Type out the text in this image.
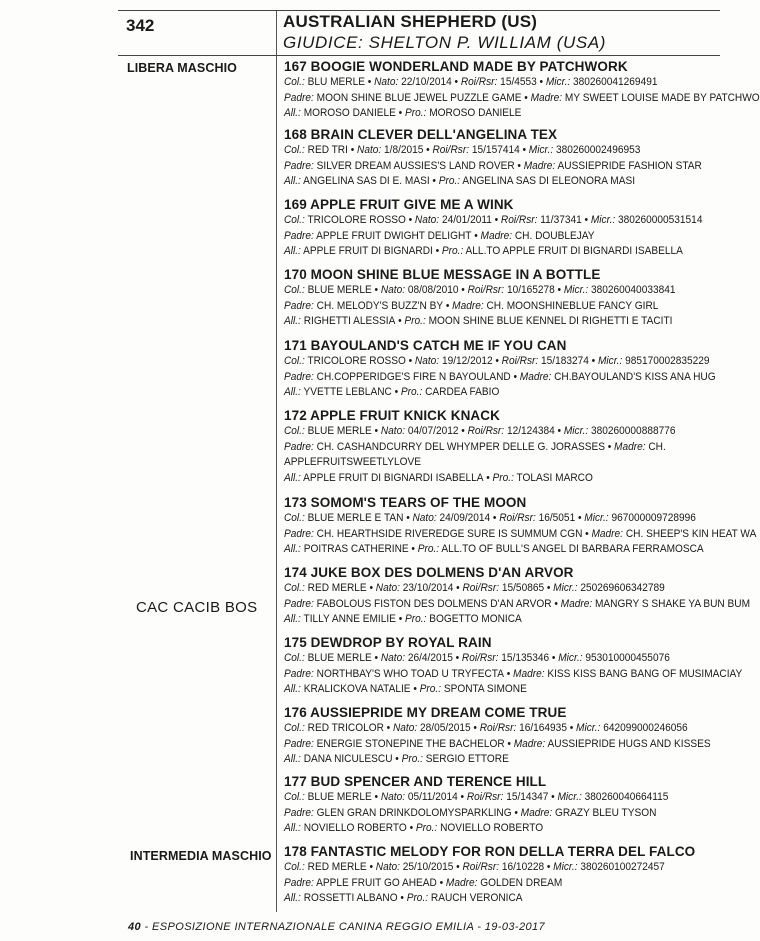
342	AUSTRALIAN SHEPHERD (US)
GIUDICE: SHELTON P. WILLIAM (USA)
LIBERA MASCHIO
INTERMEDIA MASCHIO
CAC CACIB BOS
167 BOOGIE WONDERLAND MADE BY PATCHWORK
Col.: BLU MERLE • Nato: 22/10/2014 • Roi/Rsr: 15/4553 • Micr.: 380260041269491
Padre: MOON SHINE BLUE JEWEL PUZZLE GAME • Madre: MY SWEET LOUISE MADE BY PATCHWO
All.: MOROSO DANIELE • Pro.: MOROSO DANIELE
168 BRAIN CLEVER DELL'ANGELINA TEX
Col.: RED TRI • Nato: 1/8/2015 • Roi/Rsr: 15/157414 • Micr.: 380260002496953
Padre: SILVER DREAM AUSSIES'S LAND ROVER • Madre: AUSSIEPRIDE FASHION STAR
All.: ANGELINA SAS DI E. MASI • Pro.: ANGELINA SAS DI ELEONORA MASI
169 APPLE FRUIT GIVE ME A WINK
Col.: TRICOLORE ROSSO • Nato: 24/01/2011 • Roi/Rsr: 11/37341 • Micr.: 380260000531514
Padre: APPLE FRUIT DWIGHT DELIGHT • Madre: CH. DOUBLEJAY
All.: APPLE FRUIT DI BIGNARDI • Pro.: ALL.TO APPLE FRUIT DI BIGNARDI ISABELLA
170 MOON SHINE BLUE MESSAGE IN A BOTTLE
Col.: BLUE MERLE • Nato: 08/08/2010 • Roi/Rsr: 10/165278 • Micr.: 380260040033841
Padre: CH. MELODY'S BUZZ'N BY • Madre: CH. MOONSHINEBLUE FANCY GIRL
All.: RIGHETTI ALESSIA • Pro.: MOON SHINE BLUE KENNEL DI RIGHETTI E TACITI
171 BAYOULAND'S CATCH ME IF YOU CAN
Col.: TRICOLORE ROSSO • Nato: 19/12/2012 • Roi/Rsr: 15/183274 • Micr.: 985170002835229
Padre: CH.COPPERIDGE'S FIRE N BAYOULAND • Madre: CH.BAYOULAND'S KISS ANA HUG
All.: YVETTE LEBLANC • Pro.: CARDEA FABIO
172 APPLE FRUIT KNICK KNACK
Col.: BLUE MERLE • Nato: 04/07/2012 • Roi/Rsr: 12/124384 • Micr.: 380260000888776
Padre: CH. CASHANDCURRY DEL WHYMPER DELLE G. JORASSES • Madre: CH. APPLEFRUITSWEETLYLOVE
All.: APPLE FRUIT DI BIGNARDI ISABELLA • Pro.: TOLASI MARCO
173 SOMOM'S TEARS OF THE MOON
Col.: BLUE MERLE E TAN • Nato: 24/09/2014 • Roi/Rsr: 16/5051 • Micr.: 967000009728996
Padre: CH. HEARTHSIDE RIVEREDGE SURE IS SUMMUM CGN • Madre: CH. SHEEP'S KIN HEAT WA
All.: POITRAS CATHERINE • Pro.: ALL.TO OF BULL'S ANGEL DI BARBARA FERRAMOSCA
174 JUKE BOX DES DOLMENS D'AN ARVOR
Col.: RED MERLE • Nato: 23/10/2014 • Roi/Rsr: 15/50865 • Micr.: 250269606342789
Padre: FABOLOUS FISTON DES DOLMENS D'AN ARVOR • Madre: MANGRY S SHAKE YA BUN BUM
All.: TILLY ANNE EMILIE • Pro.: BOGETTO MONICA
175 DEWDROP BY ROYAL RAIN
Col.: BLUE MERLE • Nato: 26/4/2015 • Roi/Rsr: 15/135346 • Micr.: 953010000455076
Padre: NORTHBAY'S WHO TOAD U TRYFECTA • Madre: KISS KISS BANG BANG OF MUSIMACIAY
All.: KRALICKOVA NATALIE • Pro.: SPONTA SIMONE
176 AUSSIEPRIDE MY DREAM COME TRUE
Col.: RED TRICOLOR • Nato: 28/05/2015 • Roi/Rsr: 16/164935 • Micr.: 642099000246056
Padre: ENERGIE STONEPINE THE BACHELOR • Madre: AUSSIEPRIDE HUGS AND KISSES
All.: DANA NICULESCU • Pro.: SERGIO ETTORE
177 BUD SPENCER AND TERENCE HILL
Col.: BLUE MERLE • Nato: 05/11/2014 • Roi/Rsr: 15/14347 • Micr.: 380260040664115
Padre: GLEN GRAN DRINKDOLOMYSPARKLING • Madre: GRAZY BLEU TYSON
All.: NOVIELLO ROBERTO • Pro.: NOVIELLO ROBERTO
178 FANTASTIC MELODY FOR RON DELLA TERRA DEL FALCO
Col.: RED MERLE • Nato: 25/10/2015 • Roi/Rsr: 16/10228 • Micr.: 380260100272457
Padre: APPLE FRUIT GO AHEAD • Madre: GOLDEN DREAM
All.: ROSSETTI ALBANO • Pro.: RAUCH VERONICA
40 - ESPOSIZIONE INTERNAZIONALE CANINA REGGIO EMILIA - 19-03-2017
